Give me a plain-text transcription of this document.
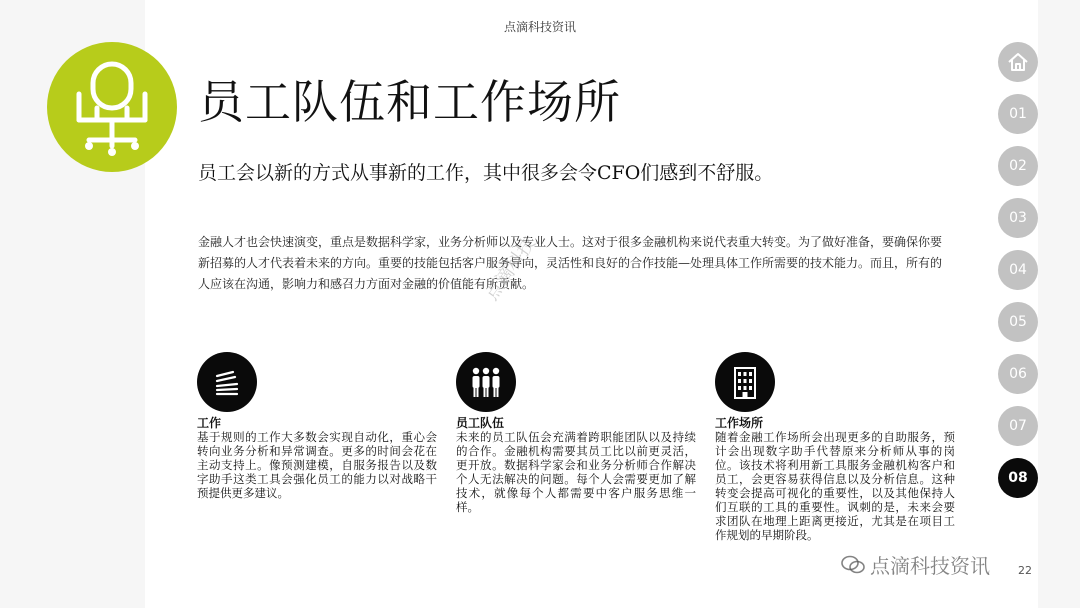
点滴科技资讯
员工队伍和工作场所
员工会以新的方式从事新的工作，其中很多会令CFO们感到不舒服。
金融人才也会快速演变，重点是数据科学家，业务分析师以及专业人士。这对于很多金融机构来说代表重大转变。为了做好准备，要确保你要新招募的人才代表着未来的方向。重要的技能包括客户服务导向，灵活性和良好的合作技能—处理具体工作所需要的技术能力。而且，所有的人应该在沟通，影响力和感召力方面对金融的价值能有所贡献。
工作
基于规则的工作大多数会实现自动化，重心会转向业务分析和异常调查。更多的时间会花在主动支持上。像预测建模，自服务报告以及数字助手这类工具会强化员工的能力以对战略干预提供更多建议。
员工队伍
未来的员工队伍会充满着跨职能团队以及持续的合作。金融机构需要其员工比以前更灵活，更开放。数据科学家会和业务分析师合作解决个人无法解决的问题。每个人会需要更加了解技术，就像每个人都需要中客户服务思维一样。
工作场所
随着金融工作场所会出现更多的自助服务，预计会出现数字助手代替原来分析师从事的岗位。该技术将利用新工具服务金融机构客户和员工，会更容易获得信息以及分析信息。这种转变会提高可视化的重要性，以及其他保持人们互联的工具的重要性。讽刺的是，未来会要求团队在地理上距离更接近，尤其是在项目工作规划的早期阶段。
01
02
03
04
05
06
07
08
22
点滴科技
点滴科技资讯
